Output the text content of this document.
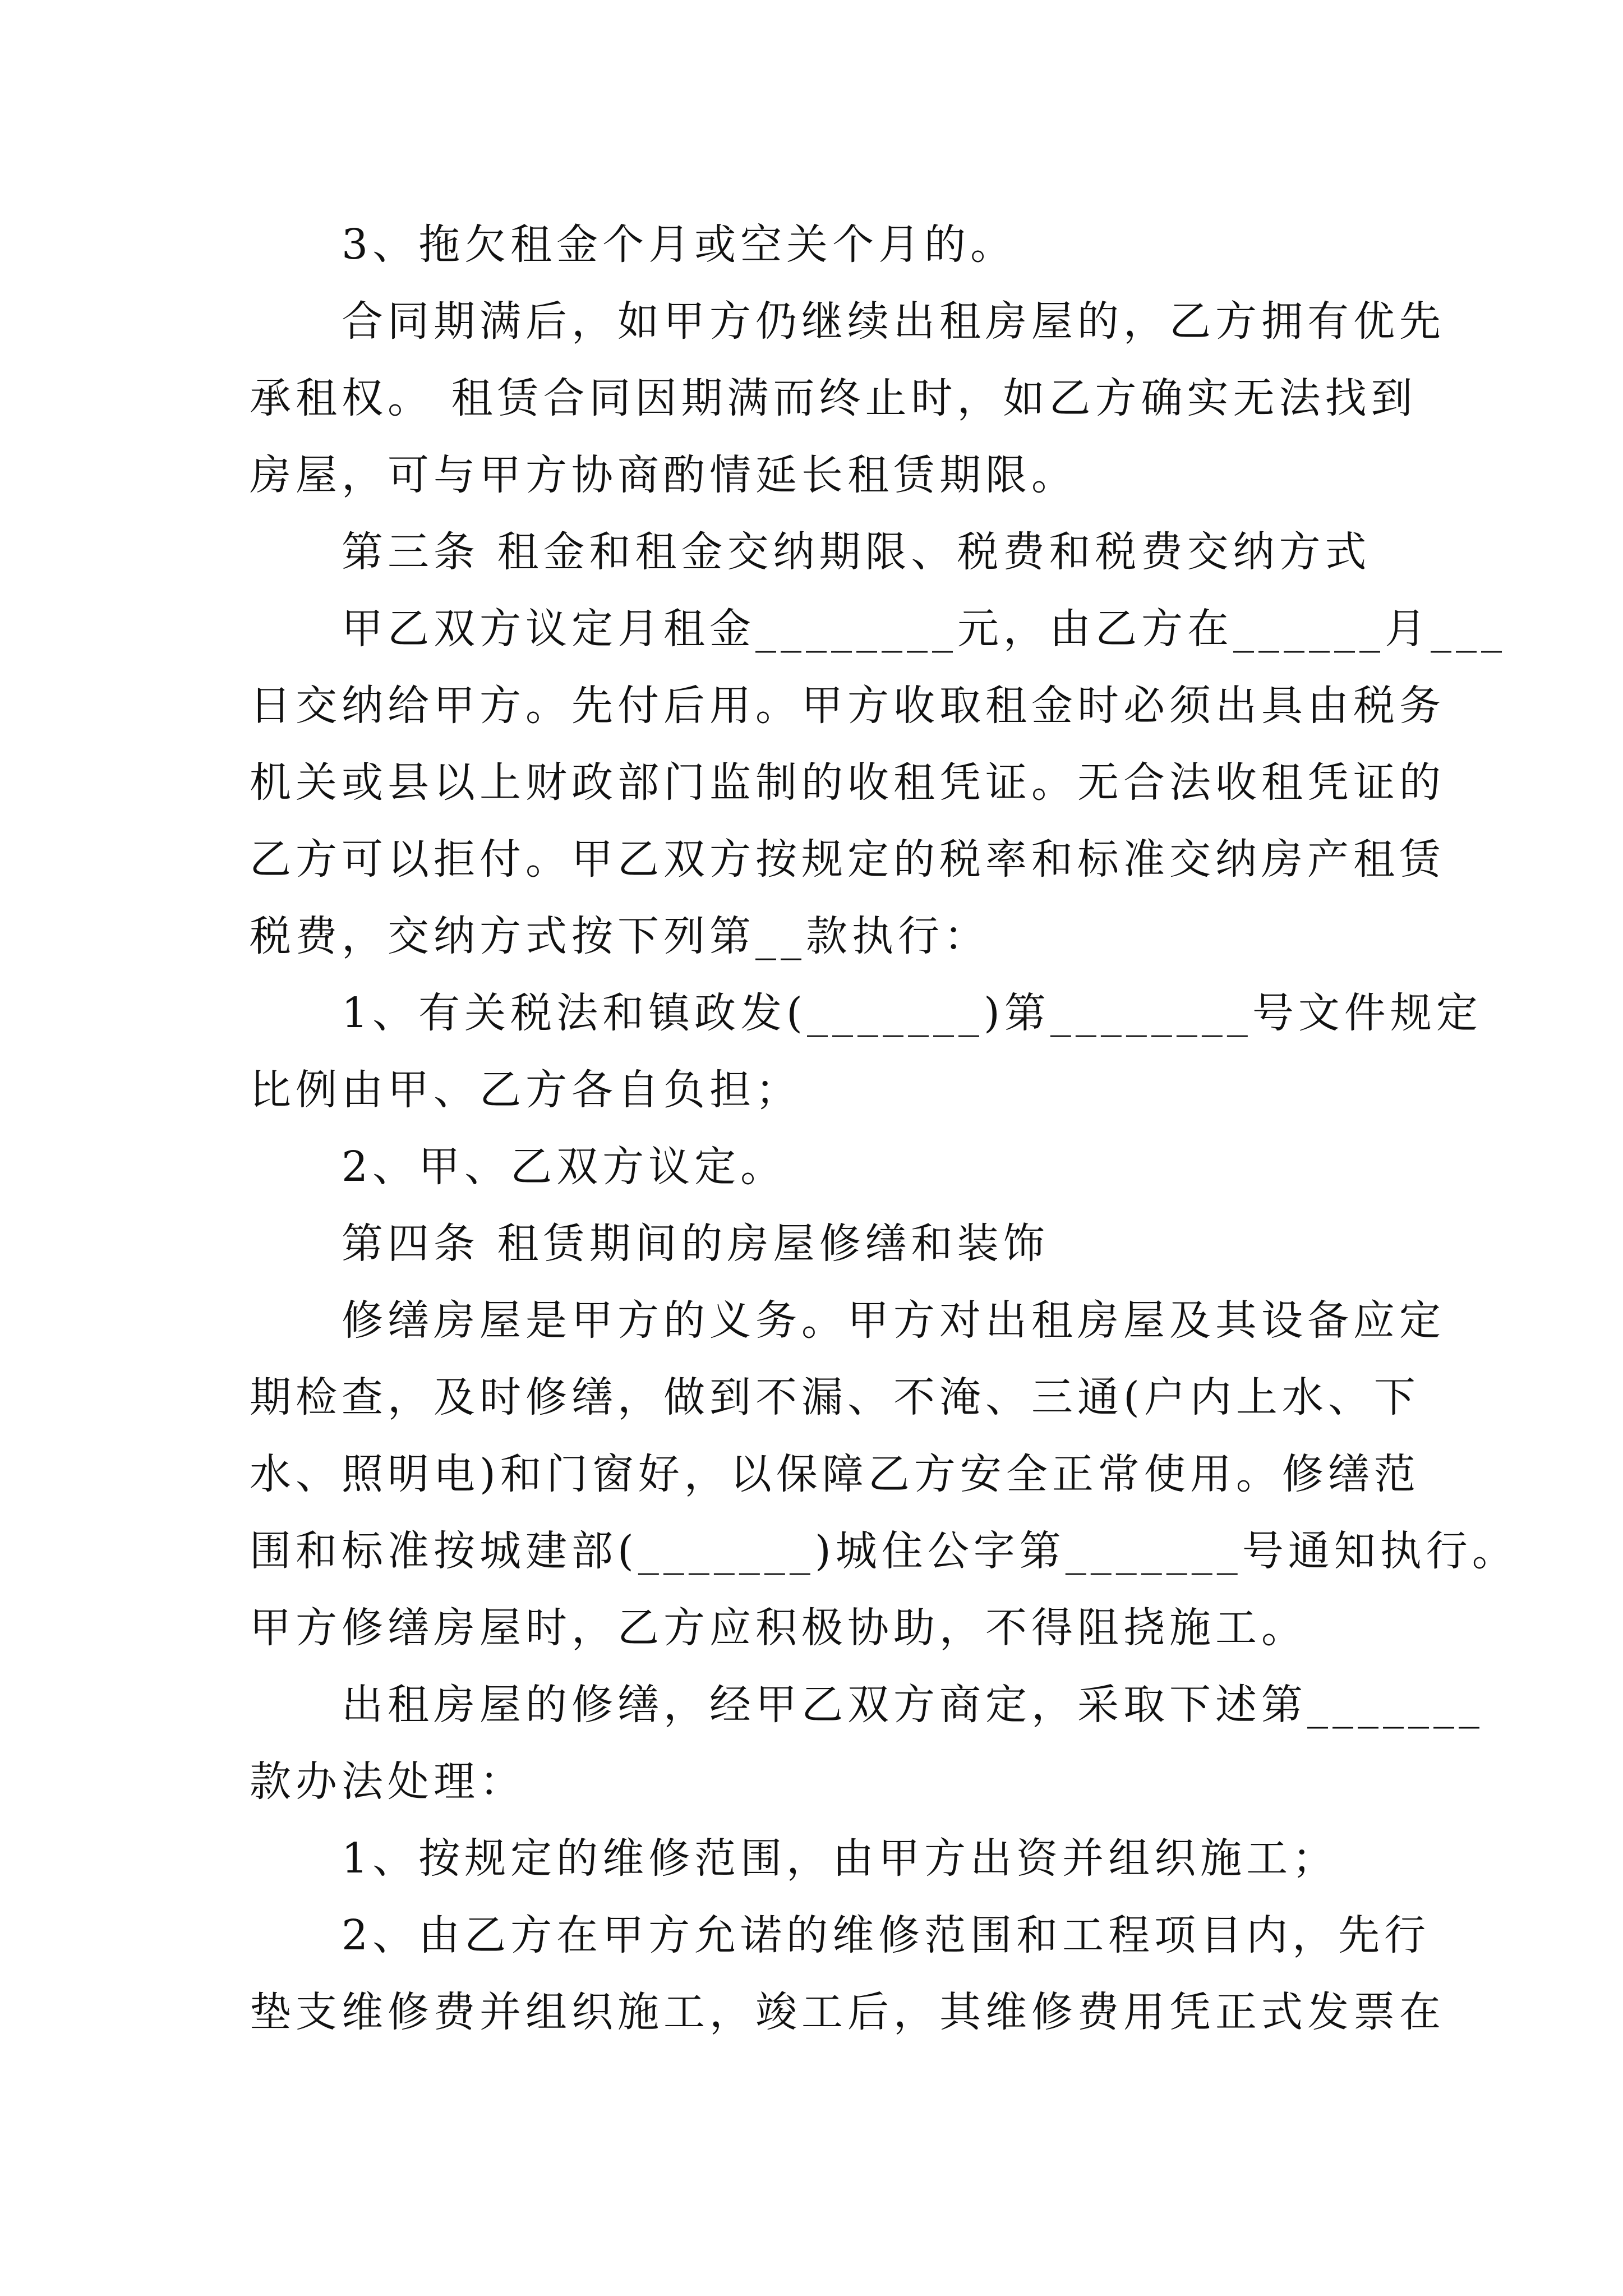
3、拖欠租金个月或空关个月的。
合同期满后，如甲方仍继续出租房屋的，乙方拥有优先
承租权。 租赁合同因期满而终止时，如乙方确实无法找到
房屋，可与甲方协商酌情延长租赁期限。
第三条 租金和租金交纳期限、税费和税费交纳方式
甲乙双方议定月租金________元，由乙方在______月___
日交纳给甲方。先付后用。甲方收取租金时必须出具由税务
机关或县以上财政部门监制的收租凭证。无合法收租凭证的
乙方可以拒付。甲乙双方按规定的税率和标准交纳房产租赁
税费，交纳方式按下列第__款执行：
1、有关税法和镇政发(_______)第________号文件规定
比例由甲、乙方各自负担；
2、甲、乙双方议定。
第四条 租赁期间的房屋修缮和装饰
修缮房屋是甲方的义务。甲方对出租房屋及其设备应定
期检查，及时修缮，做到不漏、不淹、三通(户内上水、下
水、照明电)和门窗好，以保障乙方安全正常使用。修缮范
围和标准按城建部(_______)城住公字第_______号通知执行。
甲方修缮房屋时，乙方应积极协助，不得阻挠施工。
出租房屋的修缮，经甲乙双方商定，采取下述第_______
款办法处理：
1、按规定的维修范围，由甲方出资并组织施工；
2、由乙方在甲方允诺的维修范围和工程项目内，先行
垫支维修费并组织施工，竣工后，其维修费用凭正式发票在
